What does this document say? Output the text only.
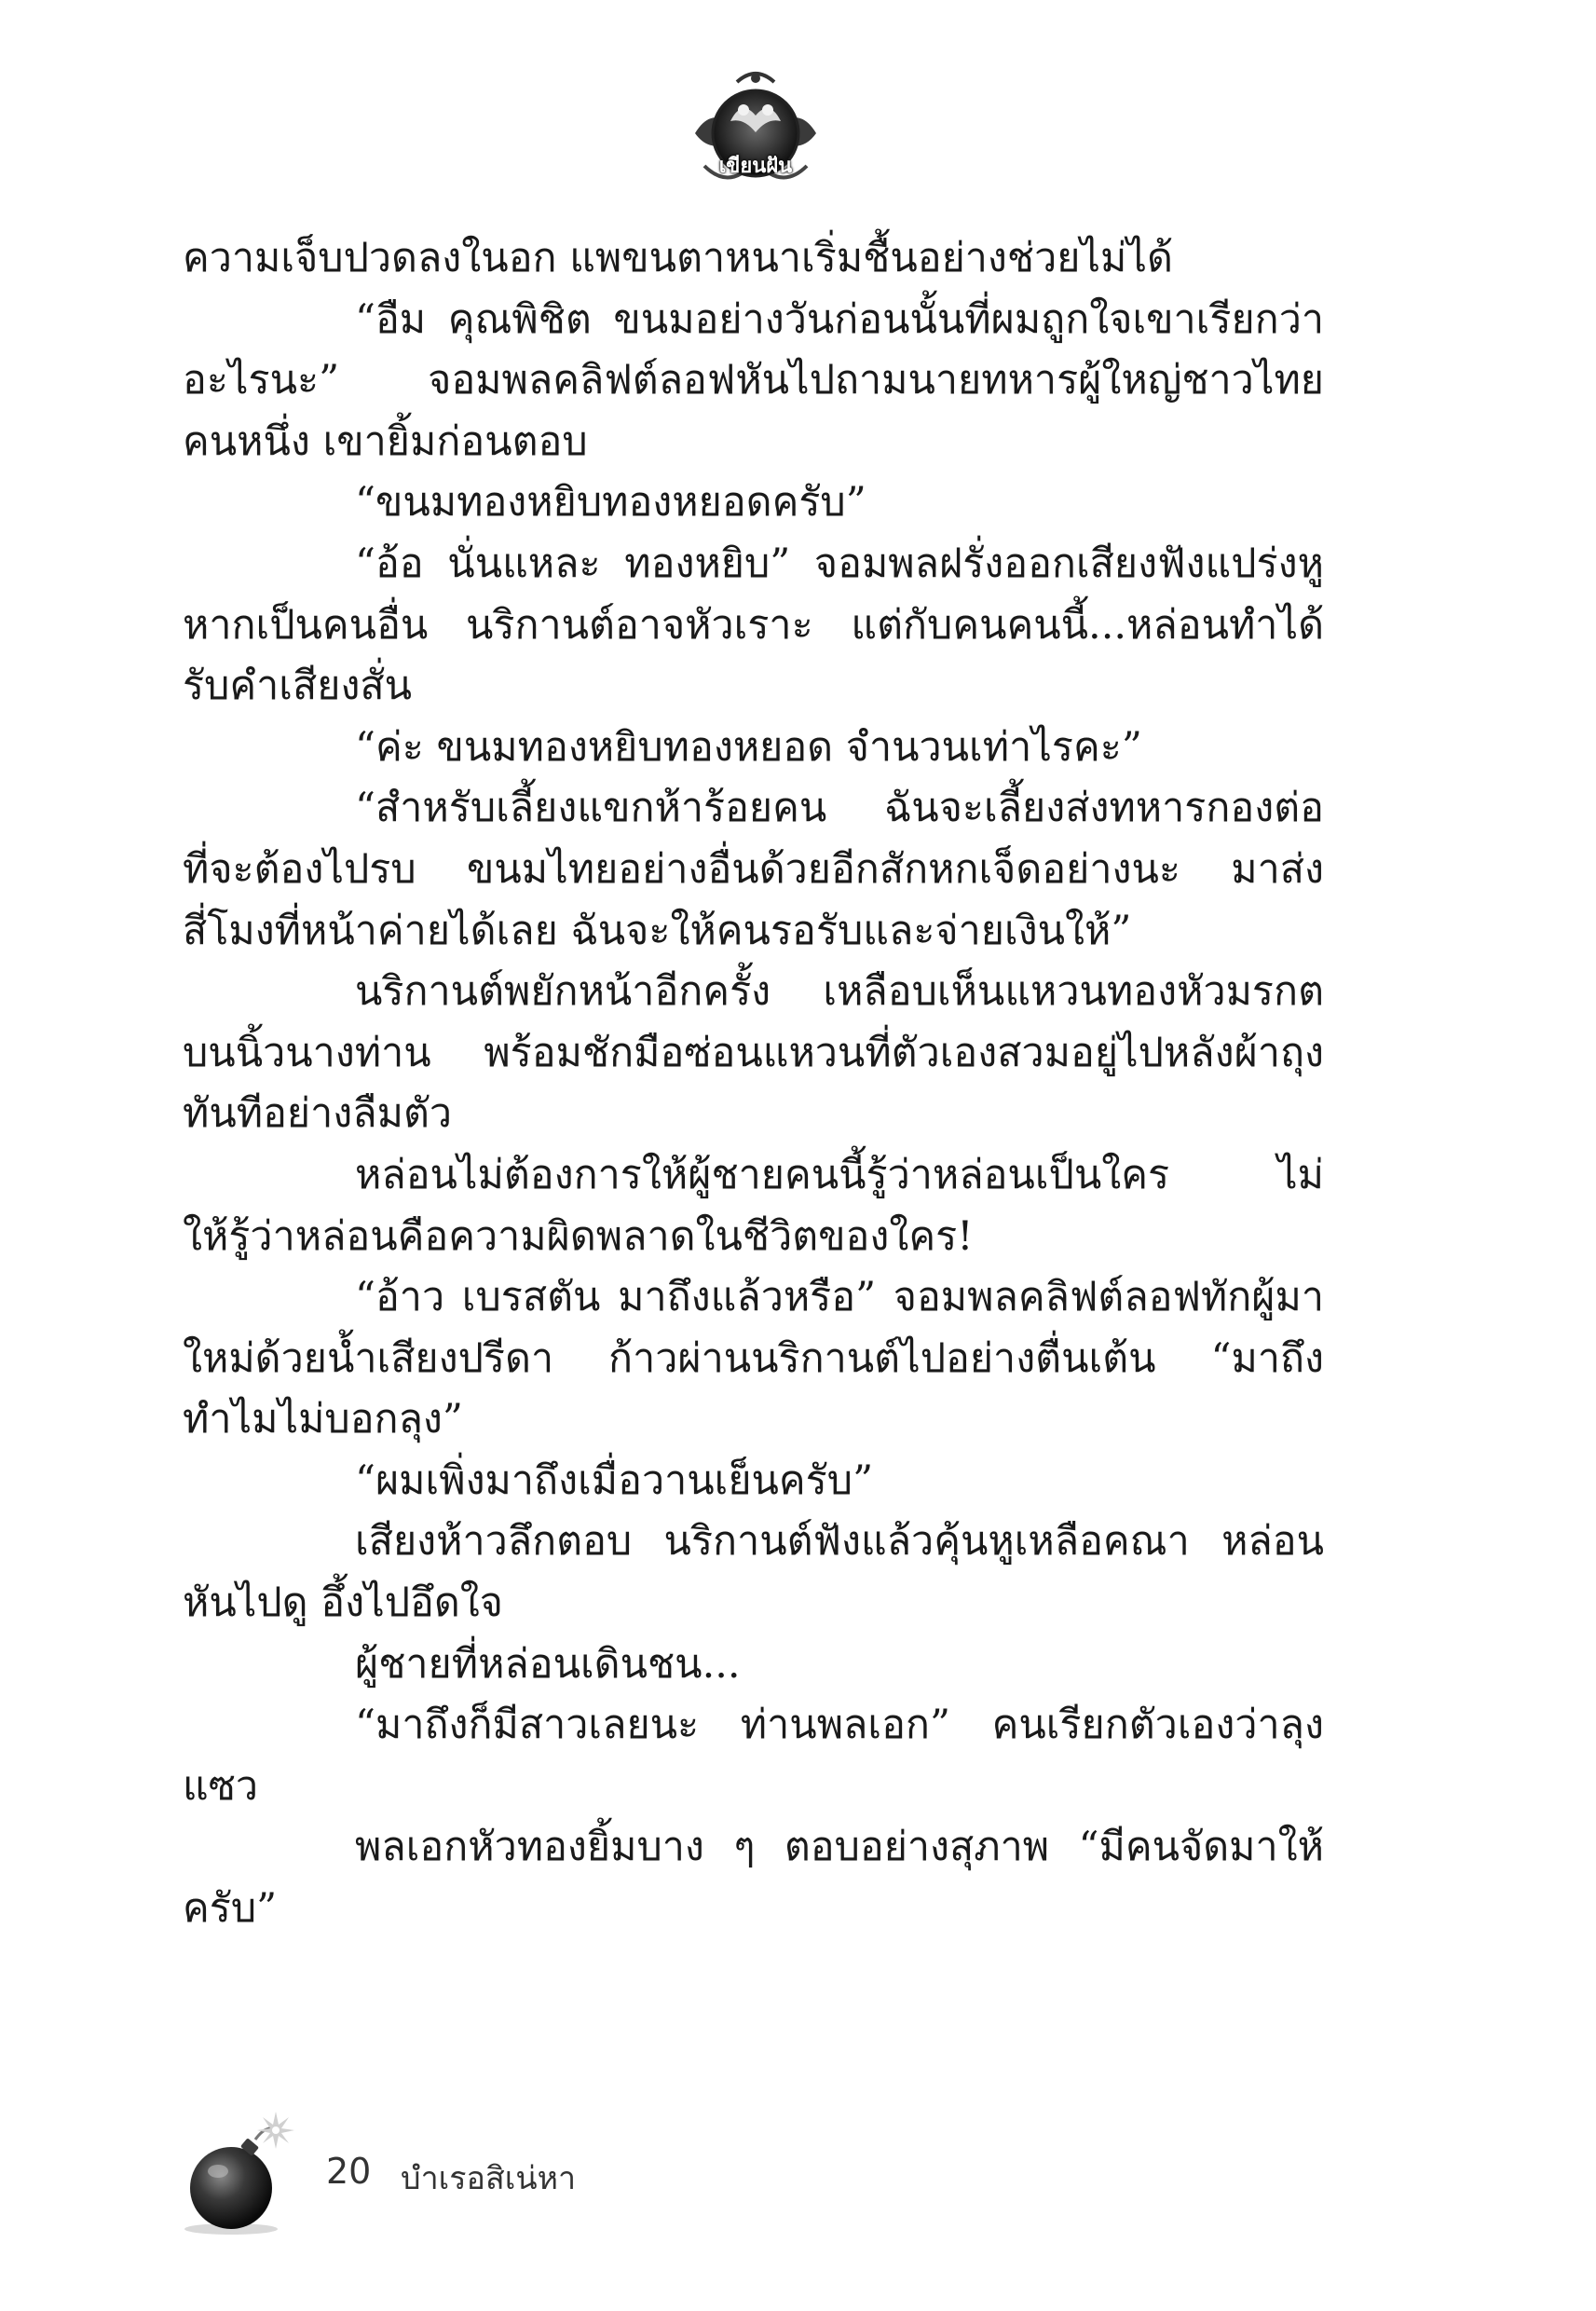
เขียนฝัน
ความเจ็บปวดลงในอก แพขนตาหนาเริ่มชื้นอย่างช่วยไม่ได้
“อืม คุณพิชิต ขนมอย่างวันก่อนนั้นที่ผมถูกใจเขาเรียกว่า
อะไรนะ” จอมพลคลิฟต์ลอฟหันไปถามนายทหารผู้ใหญ่ชาวไทย
คนหนึ่ง เขายิ้มก่อนตอบ
“ขนมทองหยิบทองหยอดครับ”
“อ้อ นั่นแหละ ทองหยิบ” จอมพลฝรั่งออกเสียงฟังแปร่งหู
หากเป็นคนอื่น นริกานต์อาจหัวเราะ แต่กับคนคนนี้...หล่อนทำได้
รับคำเสียงสั่น
“ค่ะ ขนมทองหยิบทองหยอด จำนวนเท่าไรคะ”
“สำหรับเลี้ยงแขกห้าร้อยคน ฉันจะเลี้ยงส่งทหารกองต่อ
ที่จะต้องไปรบ ขนมไทยอย่างอื่นด้วยอีกสักหกเจ็ดอย่างนะ มาส่ง
สี่โมงที่หน้าค่ายได้เลย ฉันจะให้คนรอรับและจ่ายเงินให้”
นริกานต์พยักหน้าอีกครั้ง เหลือบเห็นแหวนทองหัวมรกต
บนนิ้วนางท่าน พร้อมชักมือซ่อนแหวนที่ตัวเองสวมอยู่ไปหลังผ้าถุง
ทันทีอย่างลืมตัว
หล่อนไม่ต้องการให้ผู้ชายคนนี้รู้ว่าหล่อนเป็นใคร ไม่
ให้รู้ว่าหล่อนคือความผิดพลาดในชีวิตของใคร!
“อ้าว เบรสตัน มาถึงแล้วหรือ” จอมพลคลิฟต์ลอฟทักผู้มา
ใหม่ด้วยน้ำเสียงปรีดา ก้าวผ่านนริกานต์ไปอย่างตื่นเต้น “มาถึง
ทำไมไม่บอกลุง”
“ผมเพิ่งมาถึงเมื่อวานเย็นครับ”
เสียงห้าวลึกตอบ นริกานต์ฟังแล้วคุ้นหูเหลือคณา หล่อน
หันไปดู อึ้งไปอึดใจ
ผู้ชายที่หล่อนเดินชน...
“มาถึงก็มีสาวเลยนะ ท่านพลเอก” คนเรียกตัวเองว่าลุง
แซว
พลเอกหัวทองยิ้มบาง ๆ ตอบอย่างสุภาพ “มีคนจัดมาให้
ครับ”
20 บำเรอสิเน่หา
